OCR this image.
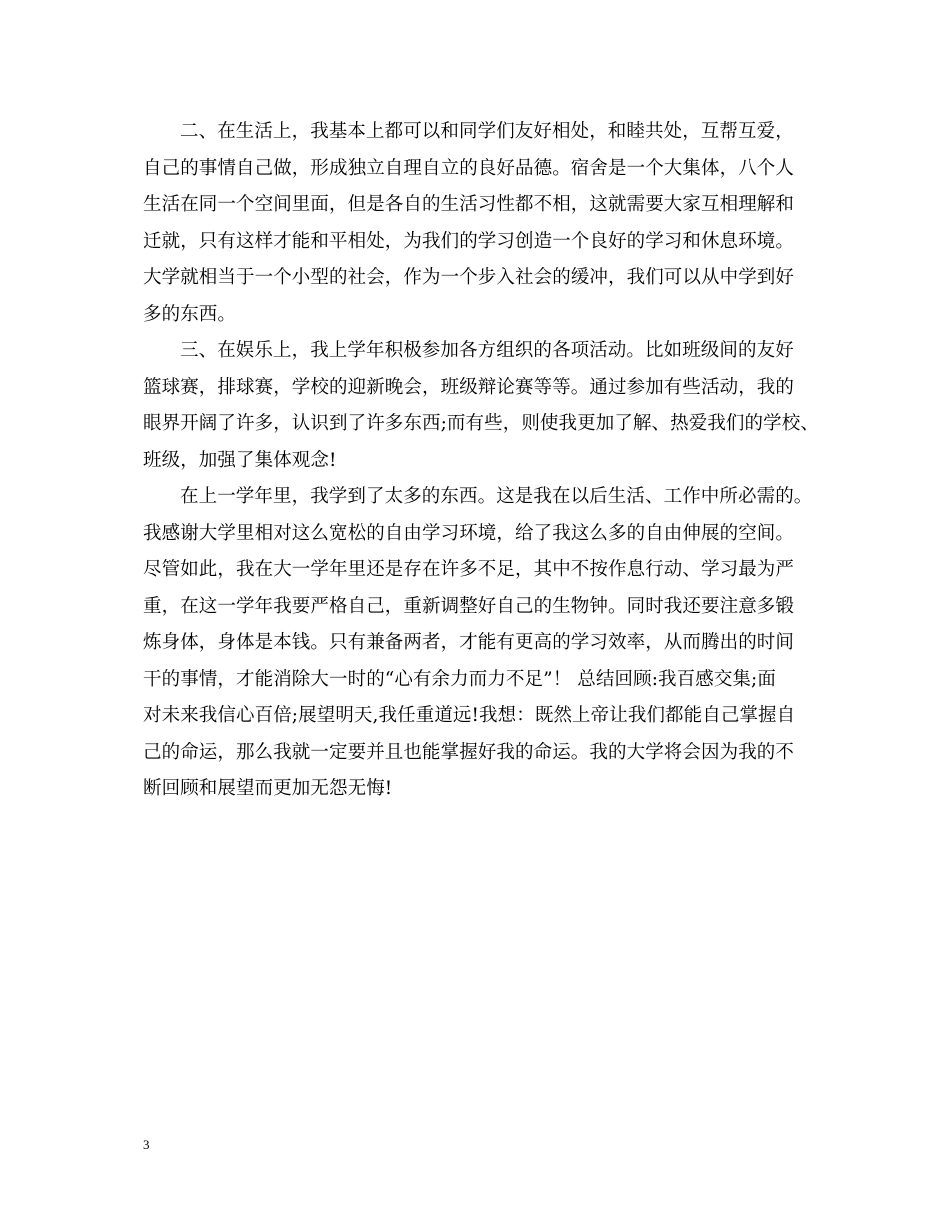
二、在生活上，我基本上都可以和同学们友好相处，和睦共处，互帮互爱，
自己的事情自己做，形成独立自理自立的良好品德。宿舍是一个大集体，八个人
生活在同一个空间里面，但是各自的生活习性都不相，这就需要大家互相理解和
迁就，只有这样才能和平相处，为我们的学习创造一个良好的学习和休息环境。
大学就相当于一个小型的社会，作为一个步入社会的缓冲，我们可以从中学到好
多的东西。
三、在娱乐上，我上学年积极参加各方组织的各项活动。比如班级间的友好
篮球赛，排球赛，学校的迎新晚会，班级辩论赛等等。通过参加有些活动，我的
眼界开阔了许多，认识到了许多东西;而有些，则使我更加了解、热爱我们的学校、
班级，加强了集体观念!
在上一学年里，我学到了太多的东西。这是我在以后生活、工作中所必需的。
我感谢大学里相对这么宽松的自由学习环境，给了我这么多的自由伸展的空间。
尽管如此，我在大一学年里还是存在许多不足，其中不按作息行动、学习最为严
重，在这一学年我要严格自己，重新调整好自己的生物钟。同时我还要注意多锻
炼身体，身体是本钱。只有兼备两者，才能有更高的学习效率，从而腾出的时间
干的事情，才能消除大一时的“心有余力而力不足”！ 总结回顾:我百感交集;面
对未来我信心百倍;展望明天,我任重道远!我想：既然上帝让我们都能自己掌握自
己的命运，那么我就一定要并且也能掌握好我的命运。我的大学将会因为我的不
断回顾和展望而更加无怨无悔!
3
